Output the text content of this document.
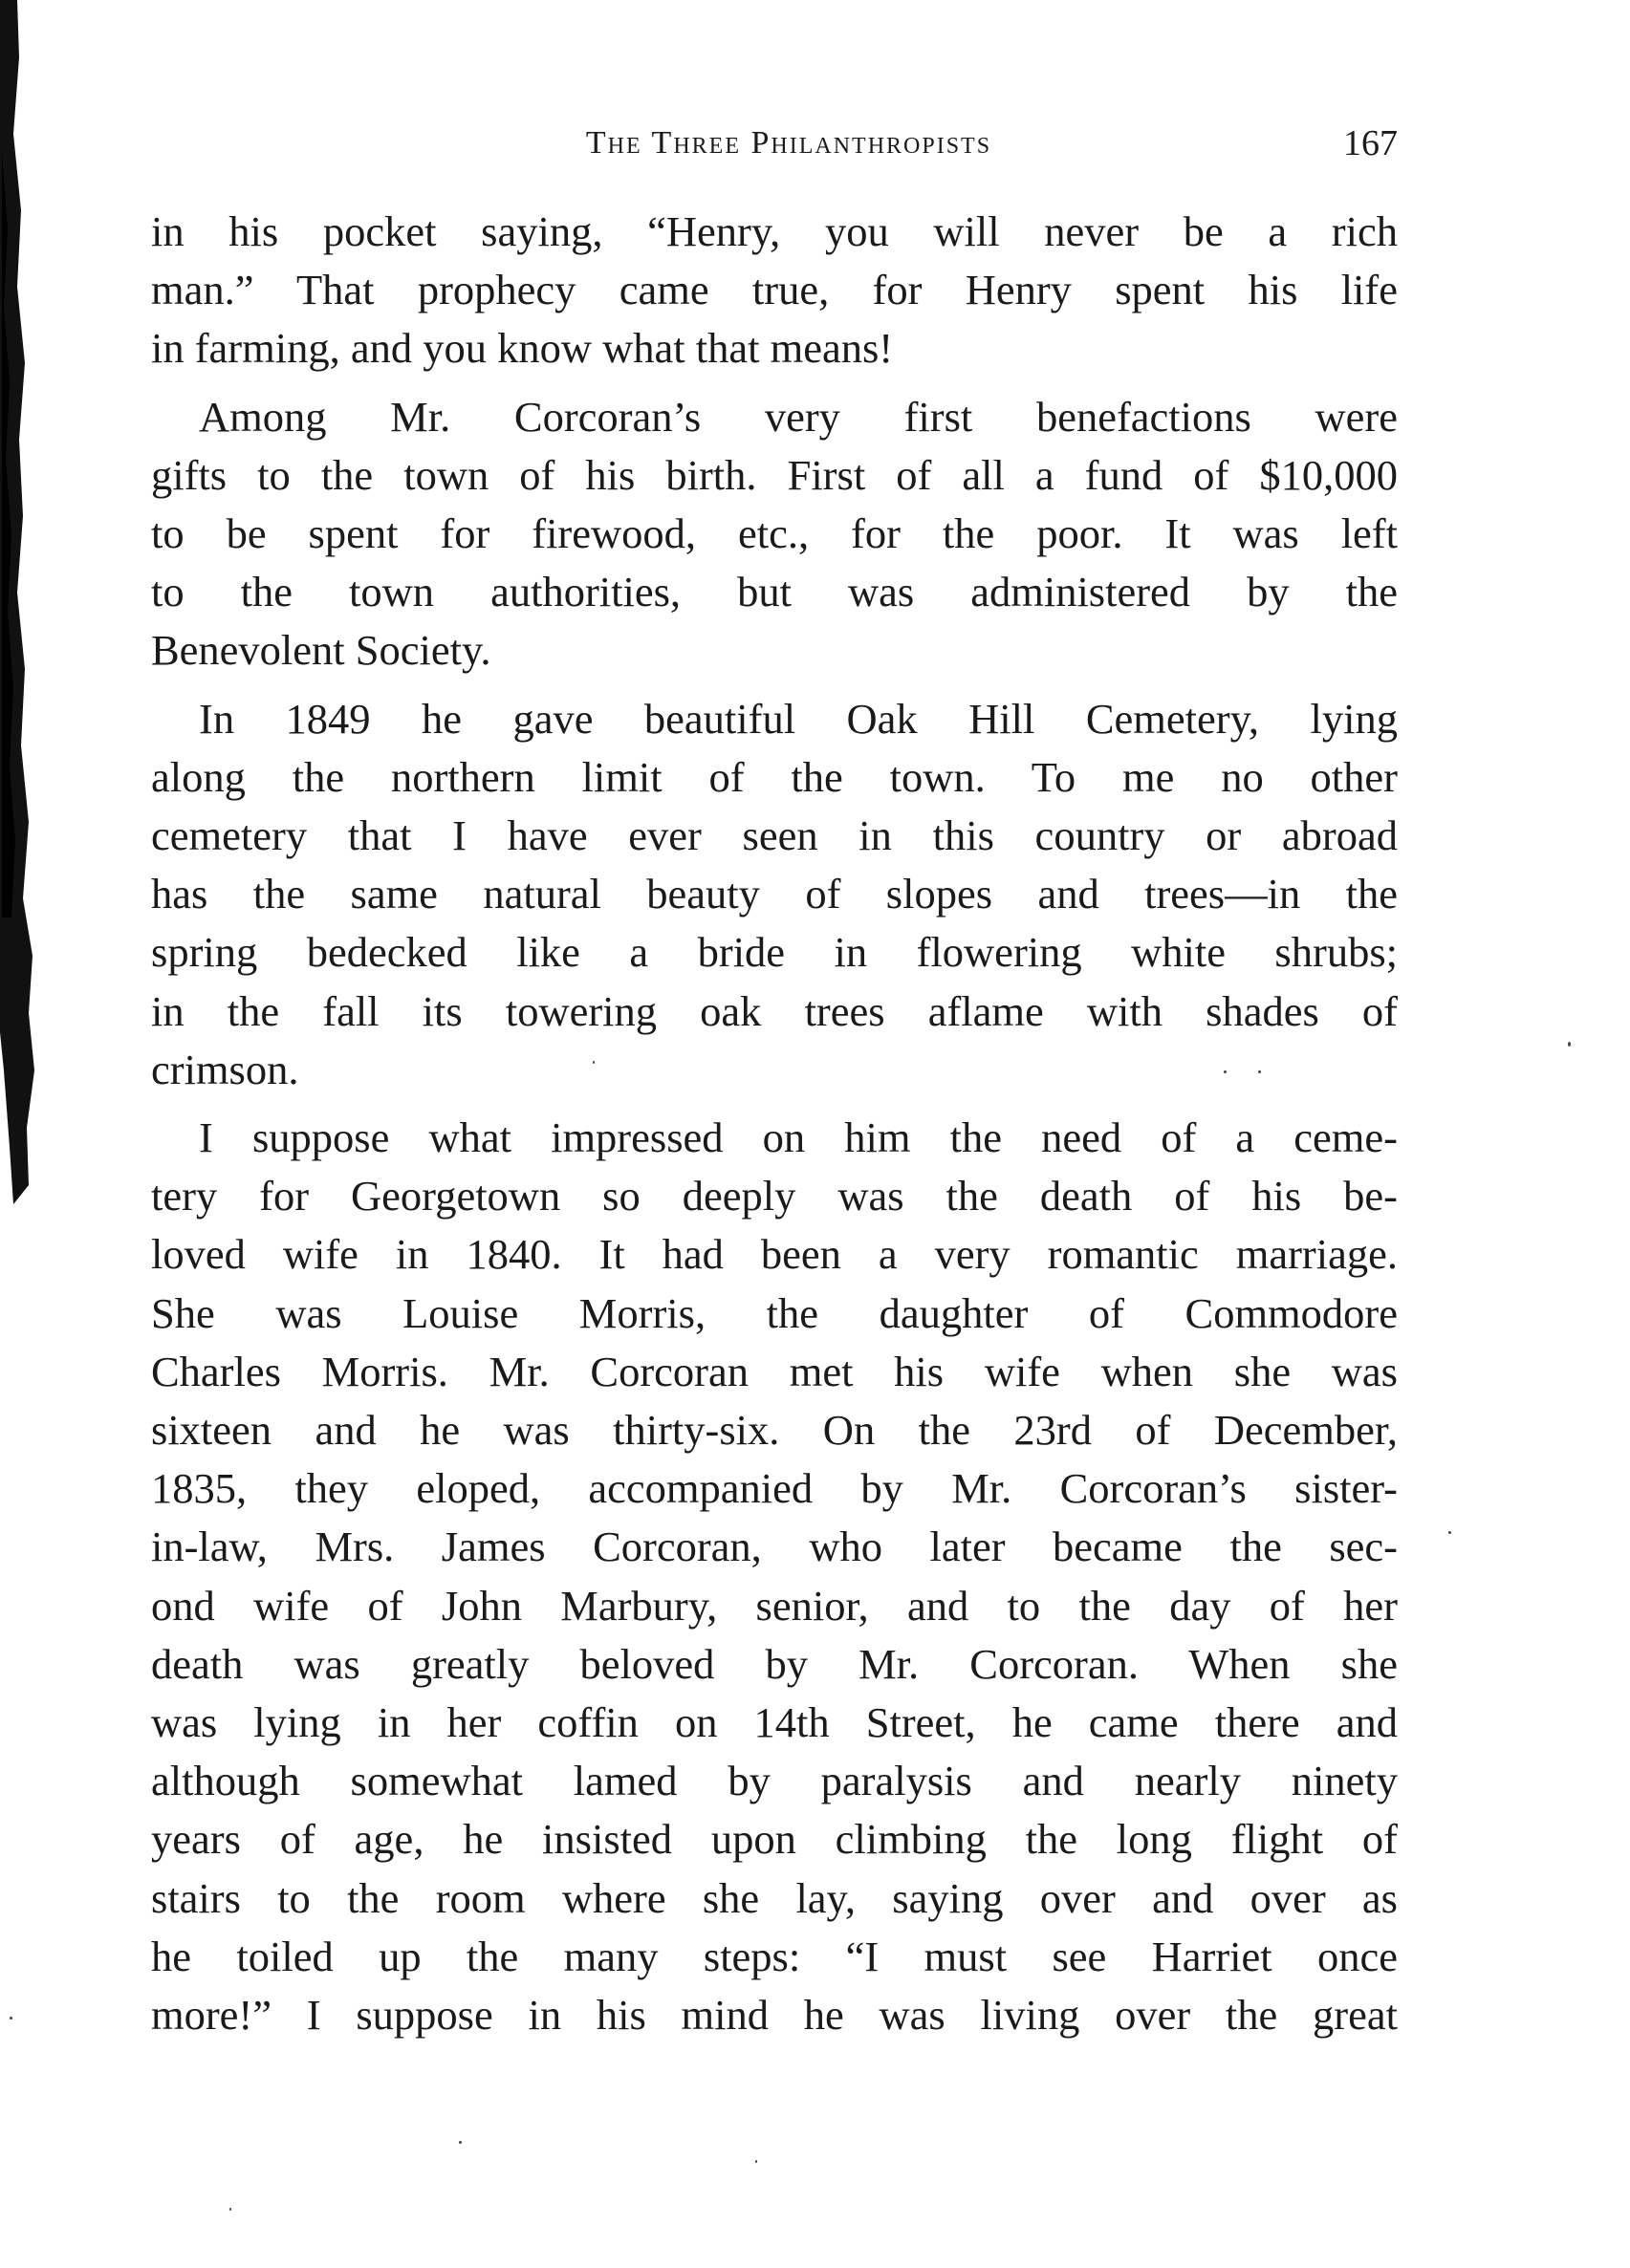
The Three Philanthropists	167

in his pocket saying, “Henry, you will never be a rich
man.” That prophecy came true, for Henry spent his life
in farming, and you know what that means!

Among Mr. Corcoran’s very first benefactions were
gifts to the town of his birth. First of all a fund of $10,000
to be spent for firewood, etc., for the poor. It was left
to the town authorities, but was administered by the
Benevolent Society.

In 1849 he gave beautiful Oak Hill Cemetery, lying
along the northern limit of the town. To me no other
cemetery that I have ever seen in this country or abroad
has the same natural beauty of slopes and trees—in the
spring bedecked like a bride in flowering white shrubs;
in the fall its towering oak trees aflame with shades of
crimson.

I suppose what impressed on him the need of a ceme-
tery for Georgetown so deeply was the death of his be-
loved wife in 1840. It had been a very romantic marriage.
She was Louise Morris, the daughter of Commodore
Charles Morris. Mr. Corcoran met his wife when she was
sixteen and he was thirty-six. On the 23rd of December,
1835, they eloped, accompanied by Mr. Corcoran’s sister-
in-law, Mrs. James Corcoran, who later became the sec-
ond wife of John Marbury, senior, and to the day of her
death was greatly beloved by Mr. Corcoran. When she
was lying in her coffin on 14th Street, he came there and
although somewhat lamed by paralysis and nearly ninety
years of age, he insisted upon climbing the long flight of
stairs to the room where she lay, saying over and over as
he toiled up the many steps: “I must see Harriet once
more!” I suppose in his mind he was living over the great
